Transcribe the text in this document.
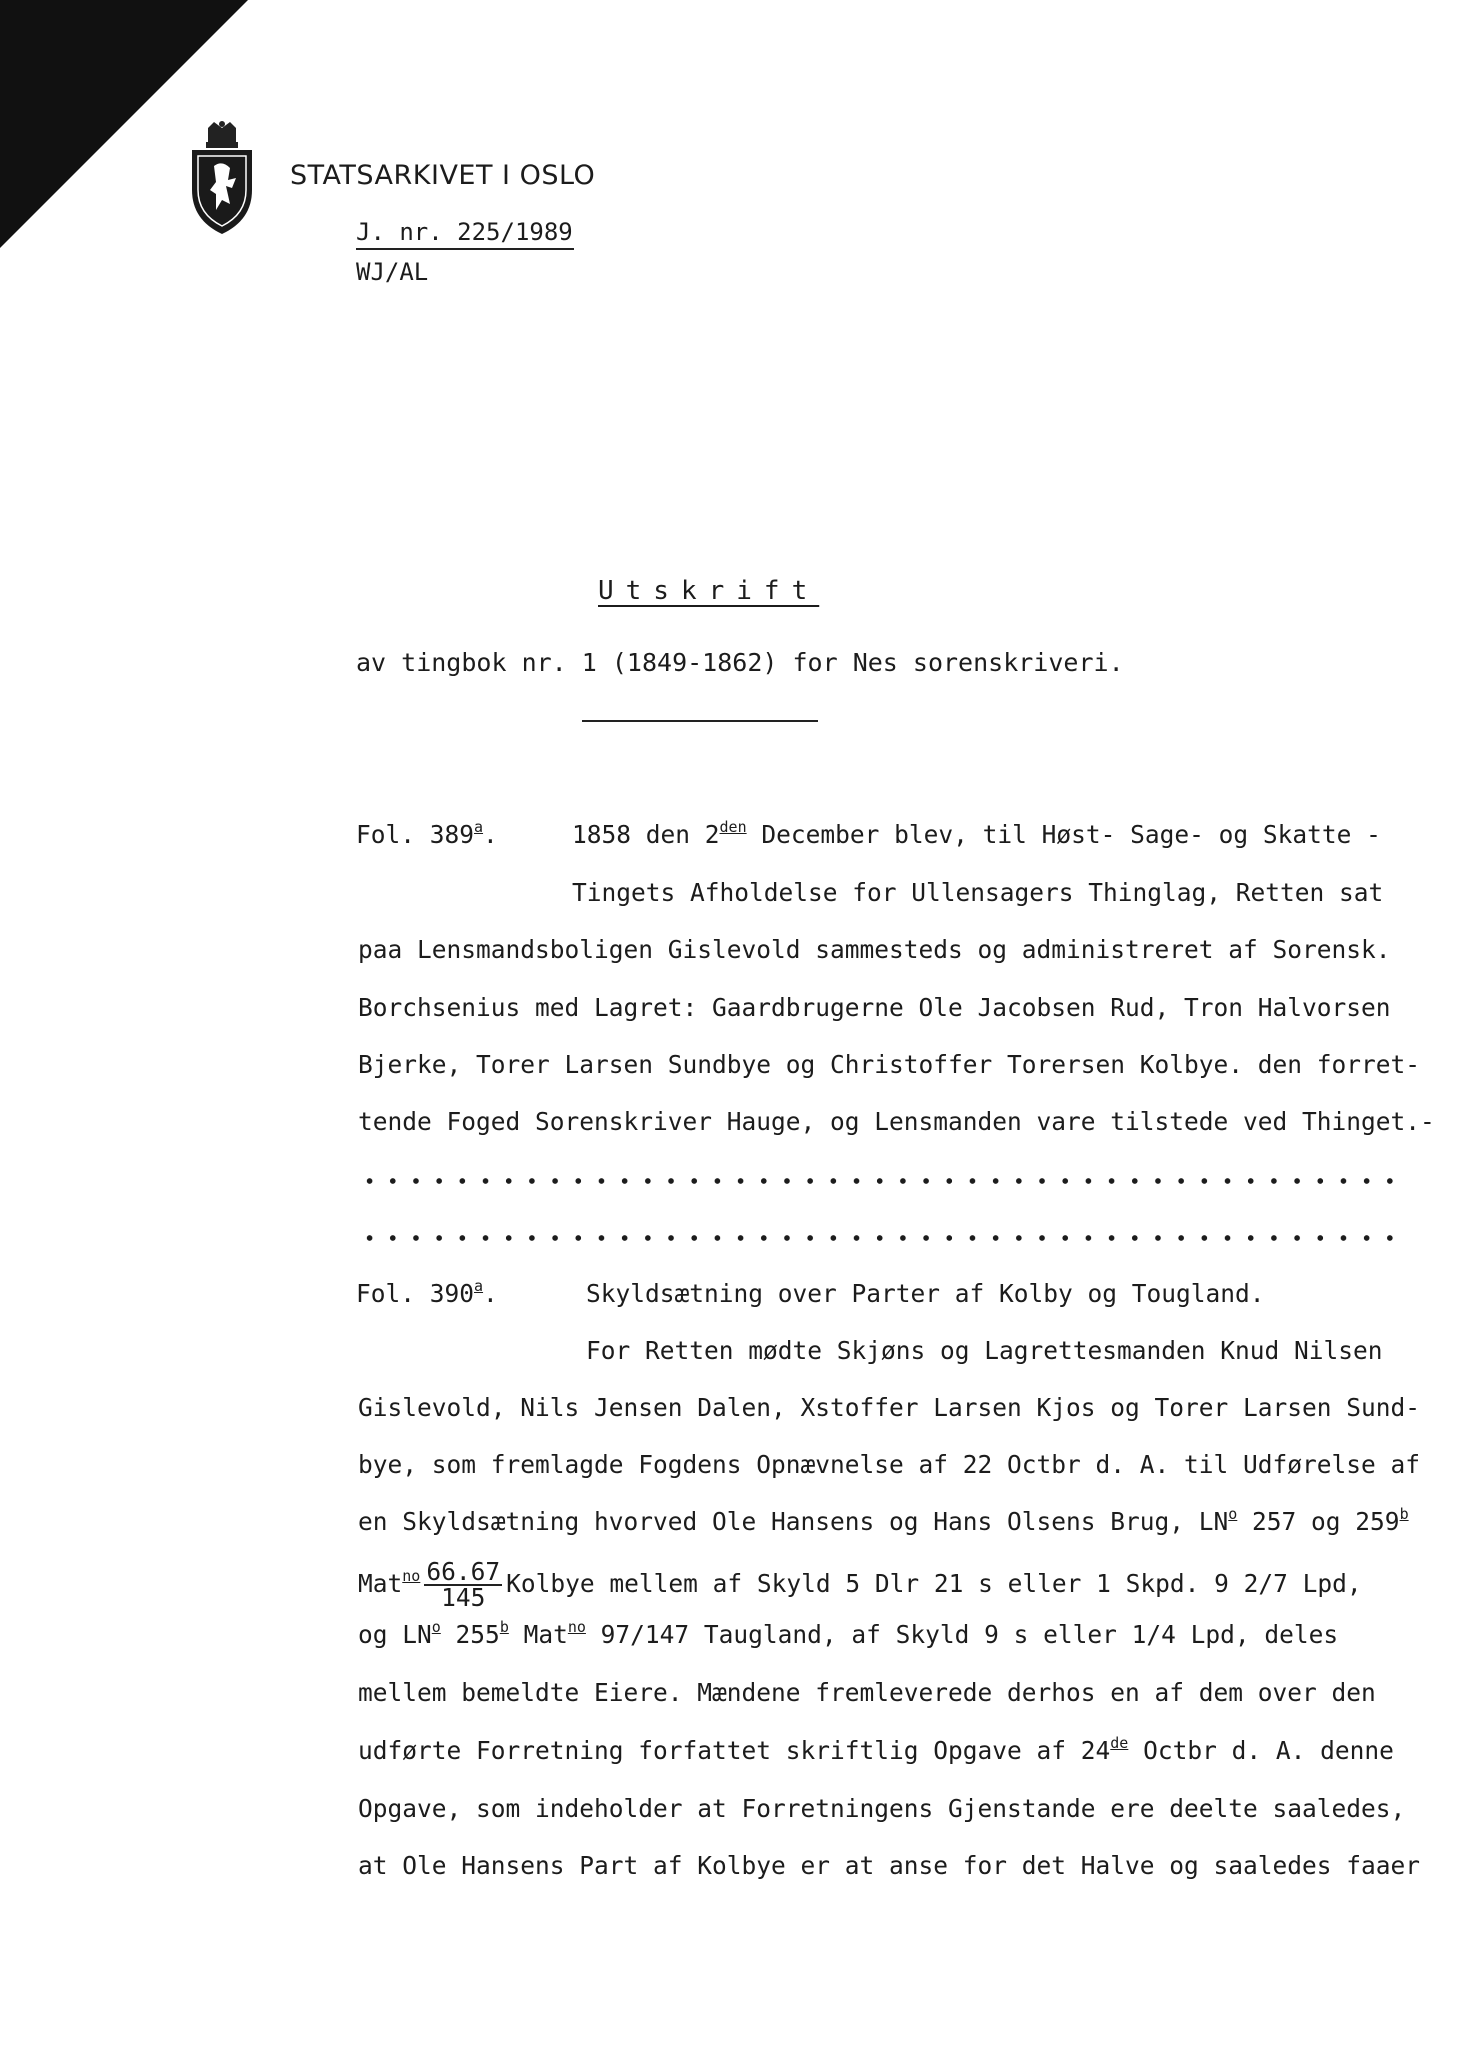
STATSARKIVET I OSLO
J. nr. 225/1989
WJ/AL
Utskrift
av tingbok nr. 1 (1849-1862) for Nes sorenskriveri.
Fol. 389$^a$.	1858 den $2^{den}$ December blev, til Høst- Sage- og Skatte -
Tingets Afholdelse for Ullensagers Thinglag, Retten sat
paa Lensmandsboligen Gislevold sammesteds og administreret af Sorensk.
Borchsenius med Lagret: Gaardbrugerne Ole Jacobsen Rud, Tron Halvorsen
Bjerke, Torer Larsen Sundbye og Christoffer Torersen Kolbye. den forret-
tende Foged Sorenskriver Hauge, og Lensmanden vare tilstede ved Thinget.-
Fol. 390$^a$.	Skyldsætning over Parter af Kolby og Tougland.
For Retten mødte Skjøns og Lagrettesmanden Knud Nilsen
Gislevold, Nils Jensen Dalen, Xstoffer Larsen Kjos og Torer Larsen Sund-
bye, som fremlagde Fogdens Opnævnelse af 22 Octbr d. A. til Udførelse af
en Skyldsætning hvorved Ole Hansens og Hans Olsens Brug, $LN^o$ 257 og 259$^b$
$Mat^{no} \frac{66.67}{145}$ Kolbye mellem af Skyld 5 Dlr 21 s eller 1 Skpd. 9 2/7 Lpd,
og $LN^o$ 255$^b$ Mat$^{no}$ 97/147 Taugland, af Skyld 9 s eller 1/4 Lpd, deles
mellem bemeldte Eiere. Mændene fremleverede derhos en af dem over den
udførte Forretning forfattet skriftlig Opgave af 24de Octbr d. A. denne
Opgave, som indeholder at Forretningens Gjenstande ere deelte saaledes,
at Ole Hansens Part af Kolbye er at anse for det Halve og saaledes faaer
